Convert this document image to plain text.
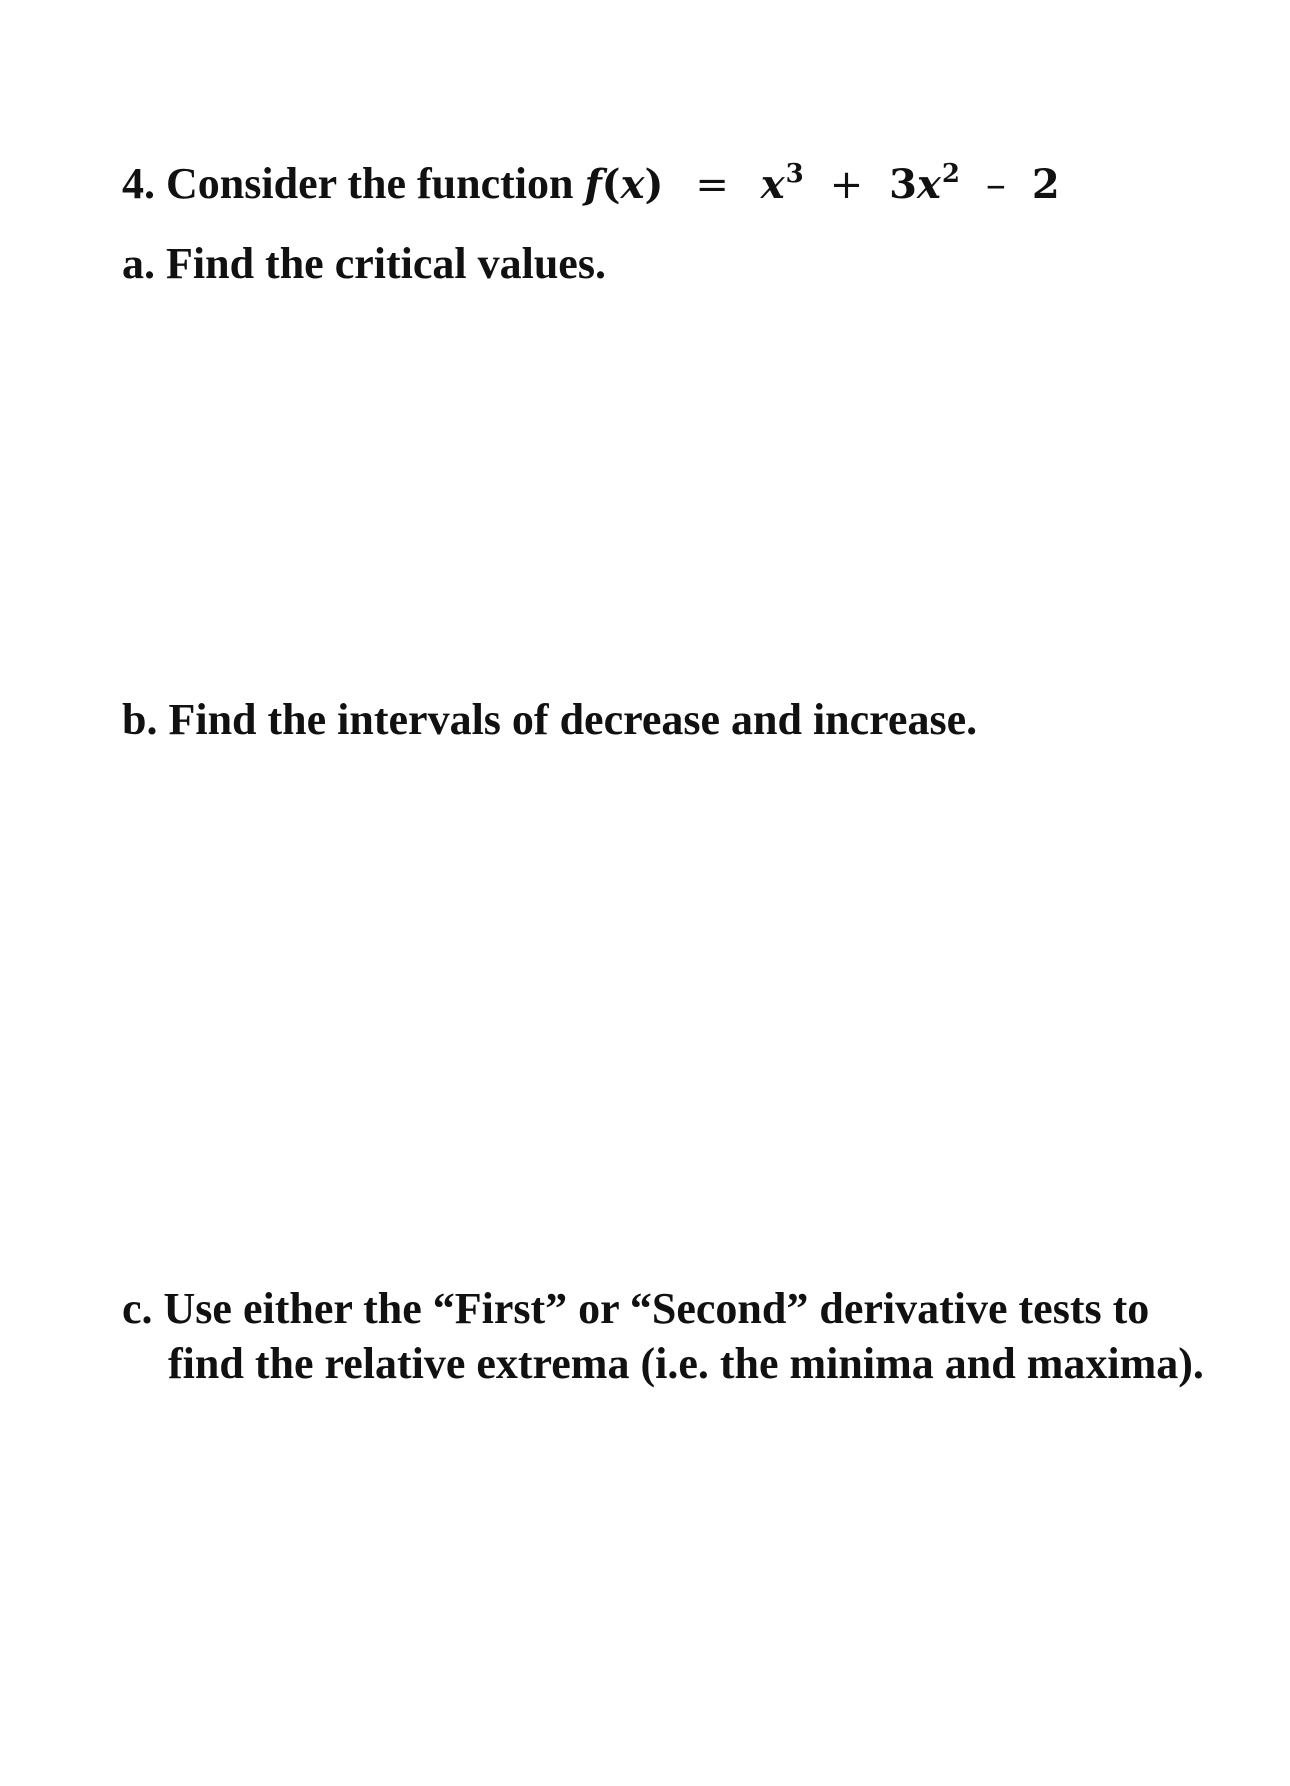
4. Consider the function $f(x) = x^3 + 3x^2 - 2$
a. Find the critical values.
b. Find the intervals of decrease and increase.
c. Use either the “First” or “Second” derivative tests to
find the relative extrema (i.e. the minima and maxima).
